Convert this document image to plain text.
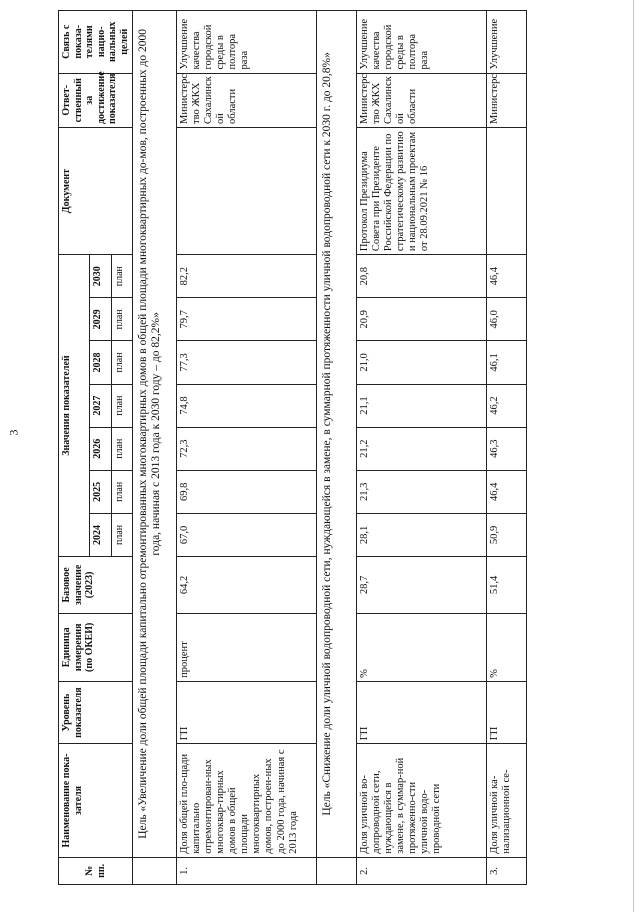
3
№ пп.	Наименование пока-зателя	Уровень показателя	Единица измерения (по ОКЕИ)	Базовое значение (2023)	Значения показателей							Документ	Ответ-ственный за достижение показателя	Связь с показа-телями нацио-нальных целей
					2024	2025	2026	2027	2028	2029	2030			
					план	план	план	план	план	план	план			
	Цель «Увеличение доли общей площади капитально отремонтированных многоквартирных домов в общей площади многоквартирных до-мов, построенных до 2000 года, начиная с 2013 года к 2030 году – до 82,2%»													
1.	Доля общей пло-щади капитально отремонтирован-ных многоквар-тирных домов в общей площади многоквартирных домов, построен-ных до 2000 года, начиная с 2013 года	ГП	процент	64,2	67,0	69,8	72,3	74,8	77,3	79,7	82,2		Министерс тво ЖКХ Сахалинск ой области	Улучшение качества городской среды в полтора раза
	Цель «Снижение доли уличной водопроводной сети, нуждающейся в замене, в суммарной протяженности уличной водопроводной сети к 2030 г. до 20,8%»													
2.	Доля уличной во-допроводной сети, нуждающейся в замене, в суммар-ной протяженно-сти уличной водо-проводной сети	ГП	%	28,7	28,1	21,3	21,2	21,1	21,0	20,9	20,8	Протокол Президиума Совета при Президенте Российской Федерации по стратегическому развитию и национальным проектам от 28.09.2021 № 16	Министерс тво ЖКХ Сахалинск ой области	Улучшение качества городской среды в полтора раза
3.	Доля уличной ка-нализационной се-	ГП	%	51,4	50,9	46,4	46,3	46,2	46,1	46,0	46,4		Министерс	Улучшение
